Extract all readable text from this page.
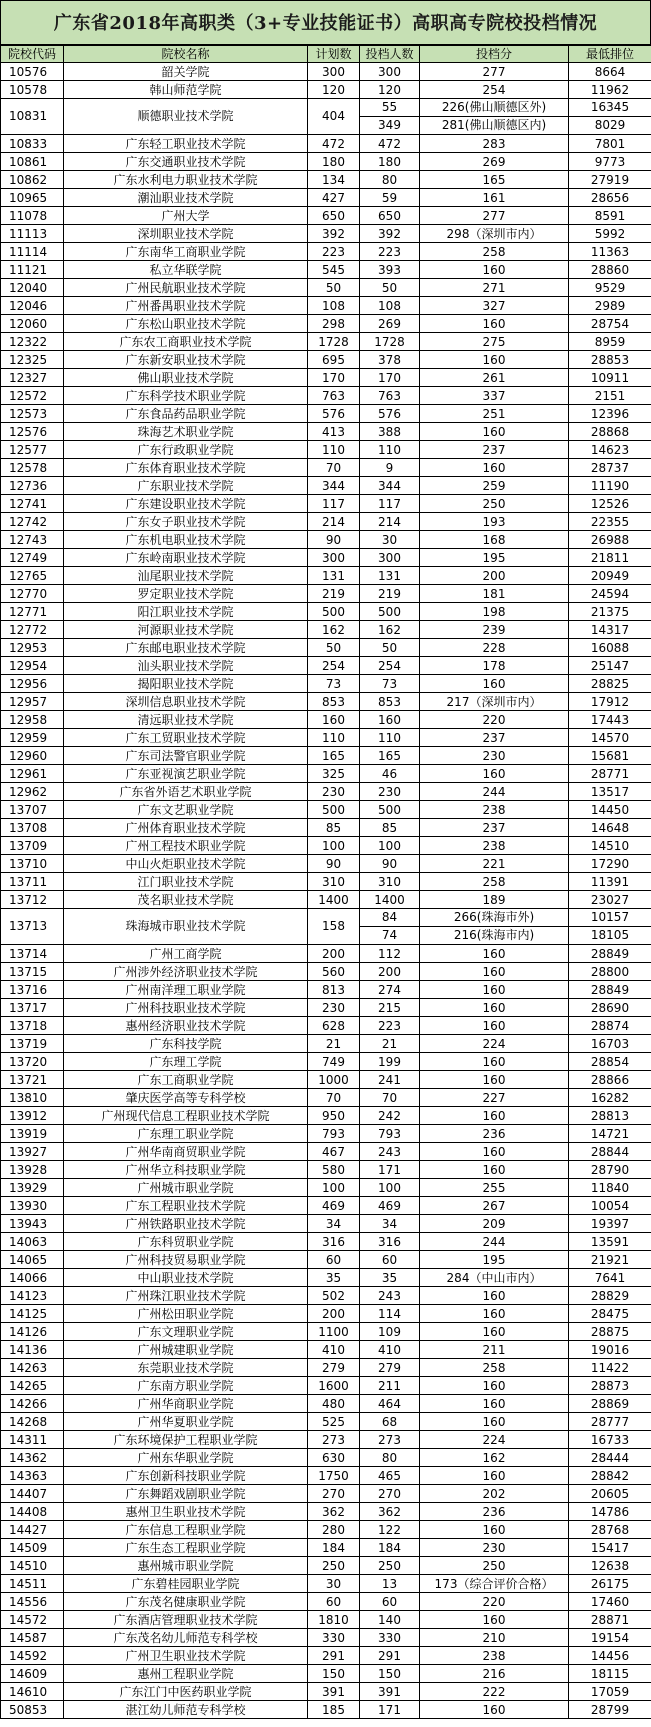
广东省2018年高职类（3+专业技能证书）高职高专院校投档情况
院校代码	院校名称	计划数	投档人数	投档分	最低排位
10576	韶关学院	300	300	277	8664
10578	韩山师范学院	120	120	254	11962
10831	顺德职业技术学院	404	55	226(佛山顺德区外)	16345
			349	281(佛山顺德区内)	8029
10833	广东轻工职业技术学院	472	472	283	7801
10861	广东交通职业技术学院	180	180	269	9773
10862	广东水利电力职业技术学院	134	80	165	27919
10965	潮汕职业技术学院	427	59	161	28656
11078	广州大学	650	650	277	8591
11113	深圳职业技术学院	392	392	298（深圳市内）	5992
11114	广东南华工商职业学院	223	223	258	11363
11121	私立华联学院	545	393	160	28860
12040	广州民航职业技术学院	50	50	271	9529
12046	广州番禺职业技术学院	108	108	327	2989
12060	广东松山职业技术学院	298	269	160	28754
12322	广东农工商职业技术学院	1728	1728	275	8959
12325	广东新安职业技术学院	695	378	160	28853
12327	佛山职业技术学院	170	170	261	10911
12572	广东科学技术职业学院	763	763	337	2151
12573	广东食品药品职业学院	576	576	251	12396
12576	珠海艺术职业学院	413	388	160	28868
12577	广东行政职业学院	110	110	237	14623
12578	广东体育职业技术学院	70	9	160	28737
12736	广东职业技术学院	344	344	259	11190
12741	广东建设职业技术学院	117	117	250	12526
12742	广东女子职业技术学院	214	214	193	22355
12743	广东机电职业技术学院	90	30	168	26988
12749	广东岭南职业技术学院	300	300	195	21811
12765	汕尾职业技术学院	131	131	200	20949
12770	罗定职业技术学院	219	219	181	24594
12771	阳江职业技术学院	500	500	198	21375
12772	河源职业技术学院	162	162	239	14317
12953	广东邮电职业技术学院	50	50	228	16088
12954	汕头职业技术学院	254	254	178	25147
12956	揭阳职业技术学院	73	73	160	28825
12957	深圳信息职业技术学院	853	853	217（深圳市内）	17912
12958	清远职业技术学院	160	160	220	17443
12959	广东工贸职业技术学院	110	110	237	14570
12960	广东司法警官职业学院	165	165	230	15681
12961	广东亚视演艺职业学院	325	46	160	28771
12962	广东省外语艺术职业学院	230	230	244	13517
13707	广东文艺职业学院	500	500	238	14450
13708	广州体育职业技术学院	85	85	237	14648
13709	广州工程技术职业学院	100	100	238	14510
13710	中山火炬职业技术学院	90	90	221	17290
13711	江门职业技术学院	310	310	258	11391
13712	茂名职业技术学院	1400	1400	189	23027
13713	珠海城市职业技术学院	158	84	266(珠海市外)	10157
			74	216(珠海市内)	18105
13714	广州工商学院	200	112	160	28849
13715	广州涉外经济职业技术学院	560	200	160	28800
13716	广州南洋理工职业学院	813	274	160	28849
13717	广州科技职业技术学院	230	215	160	28690
13718	惠州经济职业技术学院	628	223	160	28874
13719	广东科技学院	21	21	224	16703
13720	广东理工学院	749	199	160	28854
13721	广东工商职业学院	1000	241	160	28866
13810	肇庆医学高等专科学校	70	70	227	16282
13912	广州现代信息工程职业技术学院	950	242	160	28813
13919	广东理工职业学院	793	793	236	14721
13927	广州华南商贸职业学院	467	243	160	28844
13928	广州华立科技职业学院	580	171	160	28790
13929	广州城市职业学院	100	100	255	11840
13930	广东工程职业技术学院	469	469	267	10054
13943	广州铁路职业技术学院	34	34	209	19397
14063	广东科贸职业学院	316	316	244	13591
14065	广州科技贸易职业学院	60	60	195	21921
14066	中山职业技术学院	35	35	284（中山市内）	7641
14123	广州珠江职业技术学院	502	243	160	28829
14125	广州松田职业学院	200	114	160	28475
14126	广东文理职业学院	1100	109	160	28875
14136	广州城建职业学院	410	410	211	19016
14263	东莞职业技术学院	279	279	258	11422
14265	广东南方职业学院	1600	211	160	28873
14266	广州华商职业学院	480	464	160	28869
14268	广州华夏职业学院	525	68	160	28777
14311	广东环境保护工程职业学院	273	273	224	16733
14362	广州东华职业学院	630	80	162	28444
14363	广东创新科技职业学院	1750	465	160	28842
14407	广东舞蹈戏剧职业学院	270	270	202	20605
14408	惠州卫生职业技术学院	362	362	236	14786
14427	广东信息工程职业学院	280	122	160	28768
14509	广东生态工程职业学院	184	184	230	15417
14510	惠州城市职业学院	250	250	250	12638
14511	广东碧桂园职业学院	30	13	173（综合评价合格）	26175
14556	广东茂名健康职业学院	60	60	220	17460
14572	广东酒店管理职业技术学院	1810	140	160	28871
14587	广东茂名幼儿师范专科学校	330	330	210	19154
14592	广州卫生职业技术学院	291	291	238	14456
14609	惠州工程职业学院	150	150	216	18115
14610	广东江门中医药职业学院	391	391	222	17059
50853	湛江幼儿师范专科学校	185	171	160	28799
